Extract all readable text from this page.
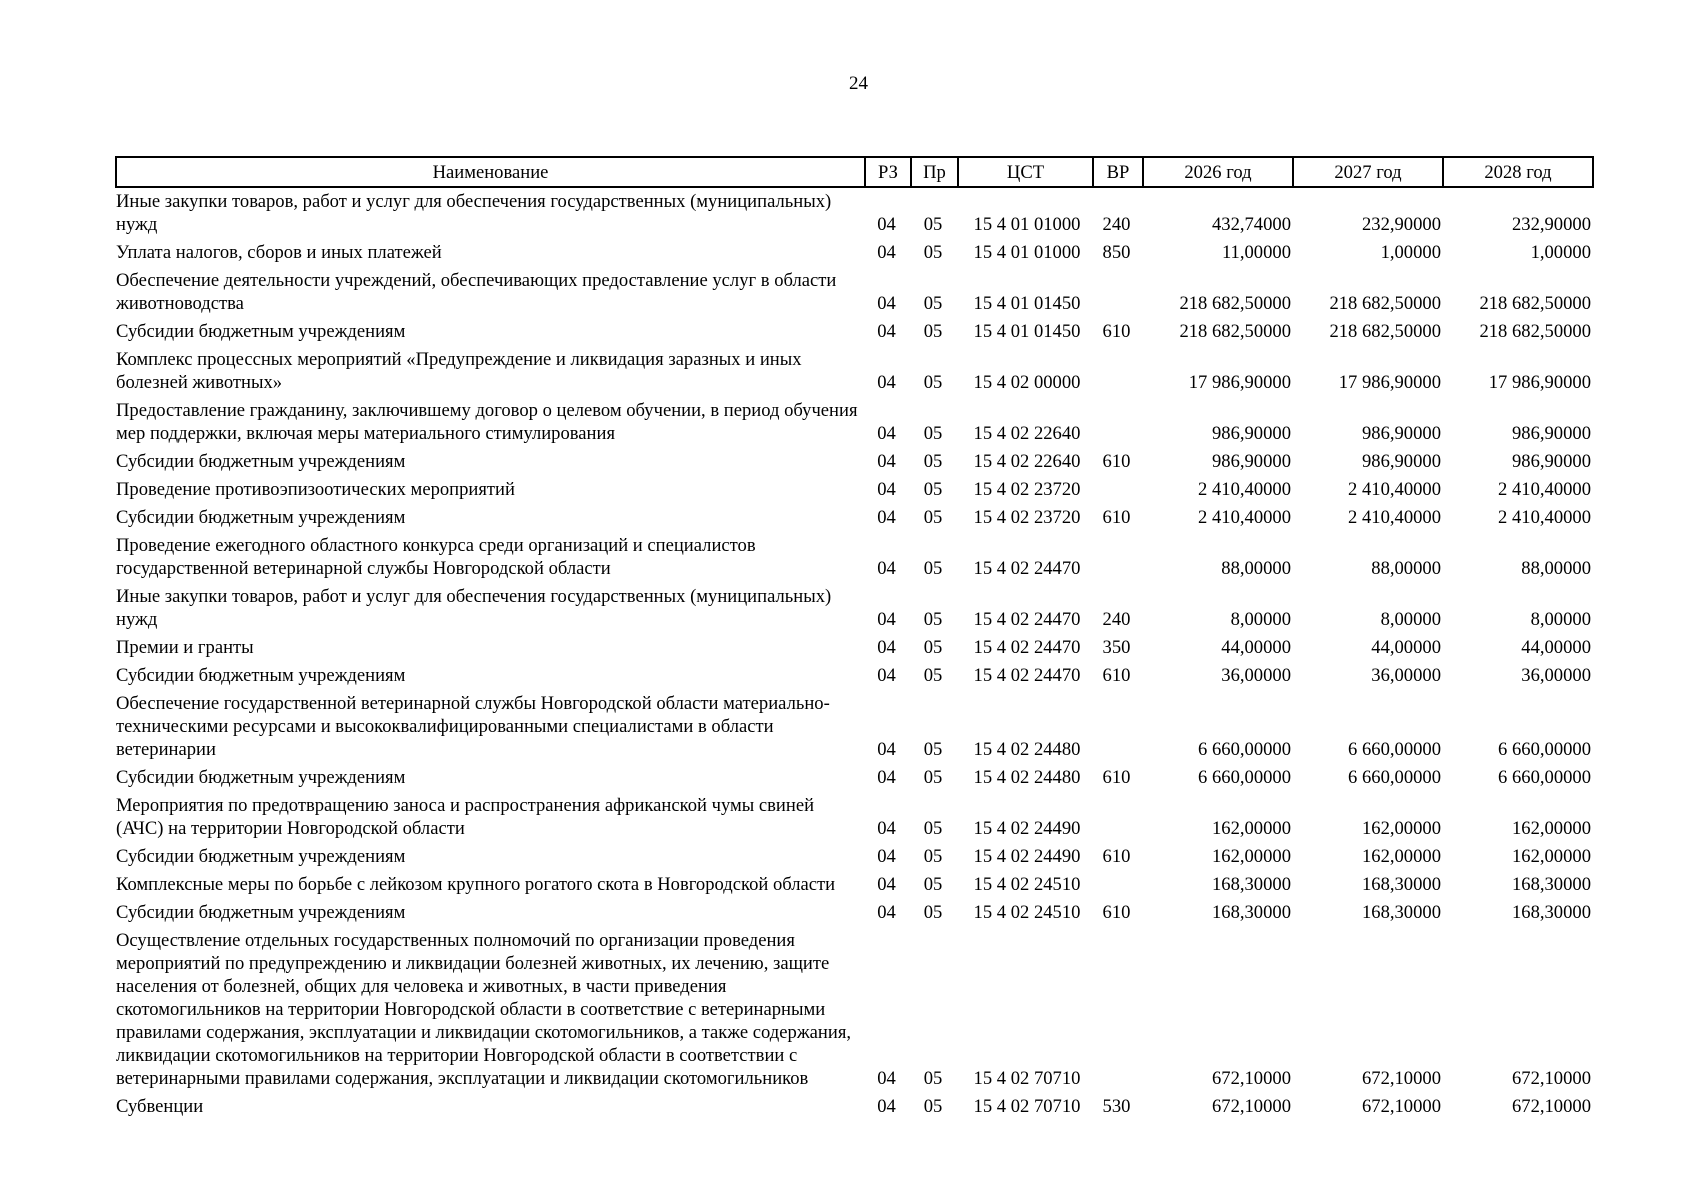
24
Наименование	РЗ	Пр	ЦСТ	ВР	2026 год	2027 год	2028 год
Иные закупки товаров, работ и услуг для обеспечения государственных (муниципальных) нужд	04	05	15 4 01 01000	240	432,74000	232,90000	232,90000
Уплата налогов, сборов и иных платежей	04	05	15 4 01 01000	850	11,00000	1,00000	1,00000
Обеспечение деятельности учреждений, обеспечивающих предоставление услуг в области животноводства	04	05	15 4 01 01450		218 682,50000	218 682,50000	218 682,50000
Субсидии бюджетным учреждениям	04	05	15 4 01 01450	610	218 682,50000	218 682,50000	218 682,50000
Комплекс процессных мероприятий «Предупреждение и ликвидация заразных и иных болезней животных»	04	05	15 4 02 00000		17 986,90000	17 986,90000	17 986,90000
Предоставление гражданину, заключившему договор о целевом обучении, в период обучения мер поддержки, включая меры материального стимулирования	04	05	15 4 02 22640		986,90000	986,90000	986,90000
Субсидии бюджетным учреждениям	04	05	15 4 02 22640	610	986,90000	986,90000	986,90000
Проведение противоэпизоотических мероприятий	04	05	15 4 02 23720		2 410,40000	2 410,40000	2 410,40000
Субсидии бюджетным учреждениям	04	05	15 4 02 23720	610	2 410,40000	2 410,40000	2 410,40000
Проведение ежегодного областного конкурса среди организаций и специалистов государственной ветеринарной службы Новгородской области	04	05	15 4 02 24470		88,00000	88,00000	88,00000
Иные закупки товаров, работ и услуг для обеспечения государственных (муниципальных) нужд	04	05	15 4 02 24470	240	8,00000	8,00000	8,00000
Премии и гранты	04	05	15 4 02 24470	350	44,00000	44,00000	44,00000
Субсидии бюджетным учреждениям	04	05	15 4 02 24470	610	36,00000	36,00000	36,00000
Обеспечение государственной ветеринарной службы Новгородской области материально-техническими ресурсами и высококвалифицированными специалистами в области ветеринарии	04	05	15 4 02 24480		6 660,00000	6 660,00000	6 660,00000
Субсидии бюджетным учреждениям	04	05	15 4 02 24480	610	6 660,00000	6 660,00000	6 660,00000
Мероприятия по предотвращению заноса и распространения африканской чумы свиней (АЧС) на территории Новгородской области	04	05	15 4 02 24490		162,00000	162,00000	162,00000
Субсидии бюджетным учреждениям	04	05	15 4 02 24490	610	162,00000	162,00000	162,00000
Комплексные меры по борьбе с лейкозом крупного рогатого скота в Новгородской области	04	05	15 4 02 24510		168,30000	168,30000	168,30000
Субсидии бюджетным учреждениям	04	05	15 4 02 24510	610	168,30000	168,30000	168,30000
Осуществление отдельных государственных полномочий по организации проведения мероприятий по предупреждению и ликвидации болезней животных, их лечению, защите населения от болезней, общих для человека и животных, в части приведения скотомогильников на территории Новгородской области в соответствие с ветеринарными правилами содержания, эксплуатации и ликвидации скотомогильников, а также содержания, ликвидации скотомогильников на территории Новгородской области в соответствии с ветеринарными правилами содержания, эксплуатации и ликвидации скотомогильников	04	05	15 4 02 70710		672,10000	672,10000	672,10000
Субвенции	04	05	15 4 02 70710	530	672,10000	672,10000	672,10000
